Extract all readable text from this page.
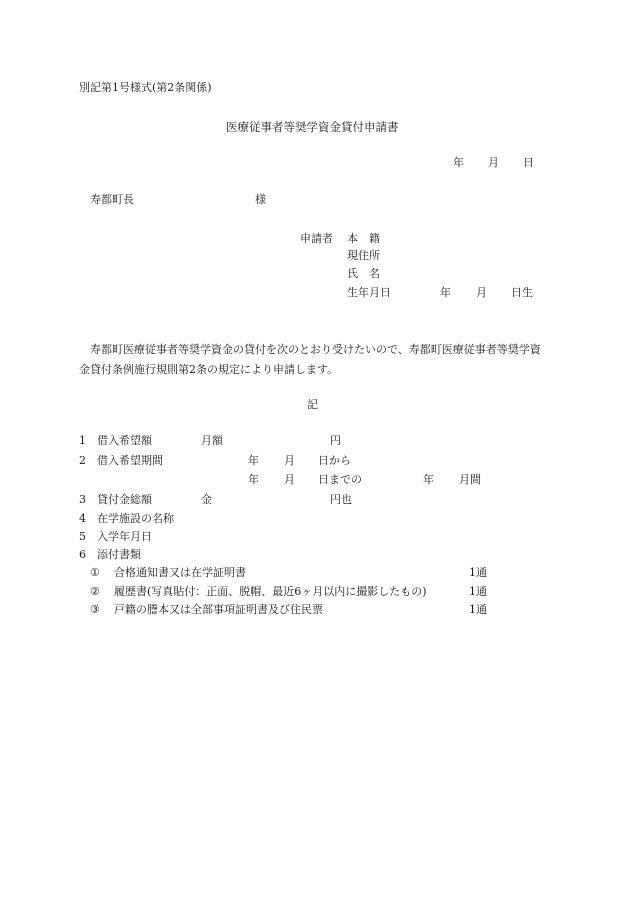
別記第1号様式(第2条関係)
医療従事者等奨学資金貸付申請書
年 月 日
寿都町長	様
申請者 本　籍
現住所
氏　名
生年月日	年 月 日生
寿都町医療従事者等奨学資金の貸付を次のとおり受けたいので、寿都町医療従事者等奨学資金貸付条例施行規則第2条の規定により申請します。
記
1 借入希望額	月額	円
2 借入希望期間	年 月 日から
年 月 日までの	年 月間
3 貸付金総額	金	円也
4 在学施設の名称
5 入学年月日
6 添付書類
① 合格通知書又は在学証明書	1通
② 履歴書(写真貼付：正面、脱帽、最近6ヶ月以内に撮影したもの)	1通
③ 戸籍の謄本又は全部事項証明書及び住民票	1通
